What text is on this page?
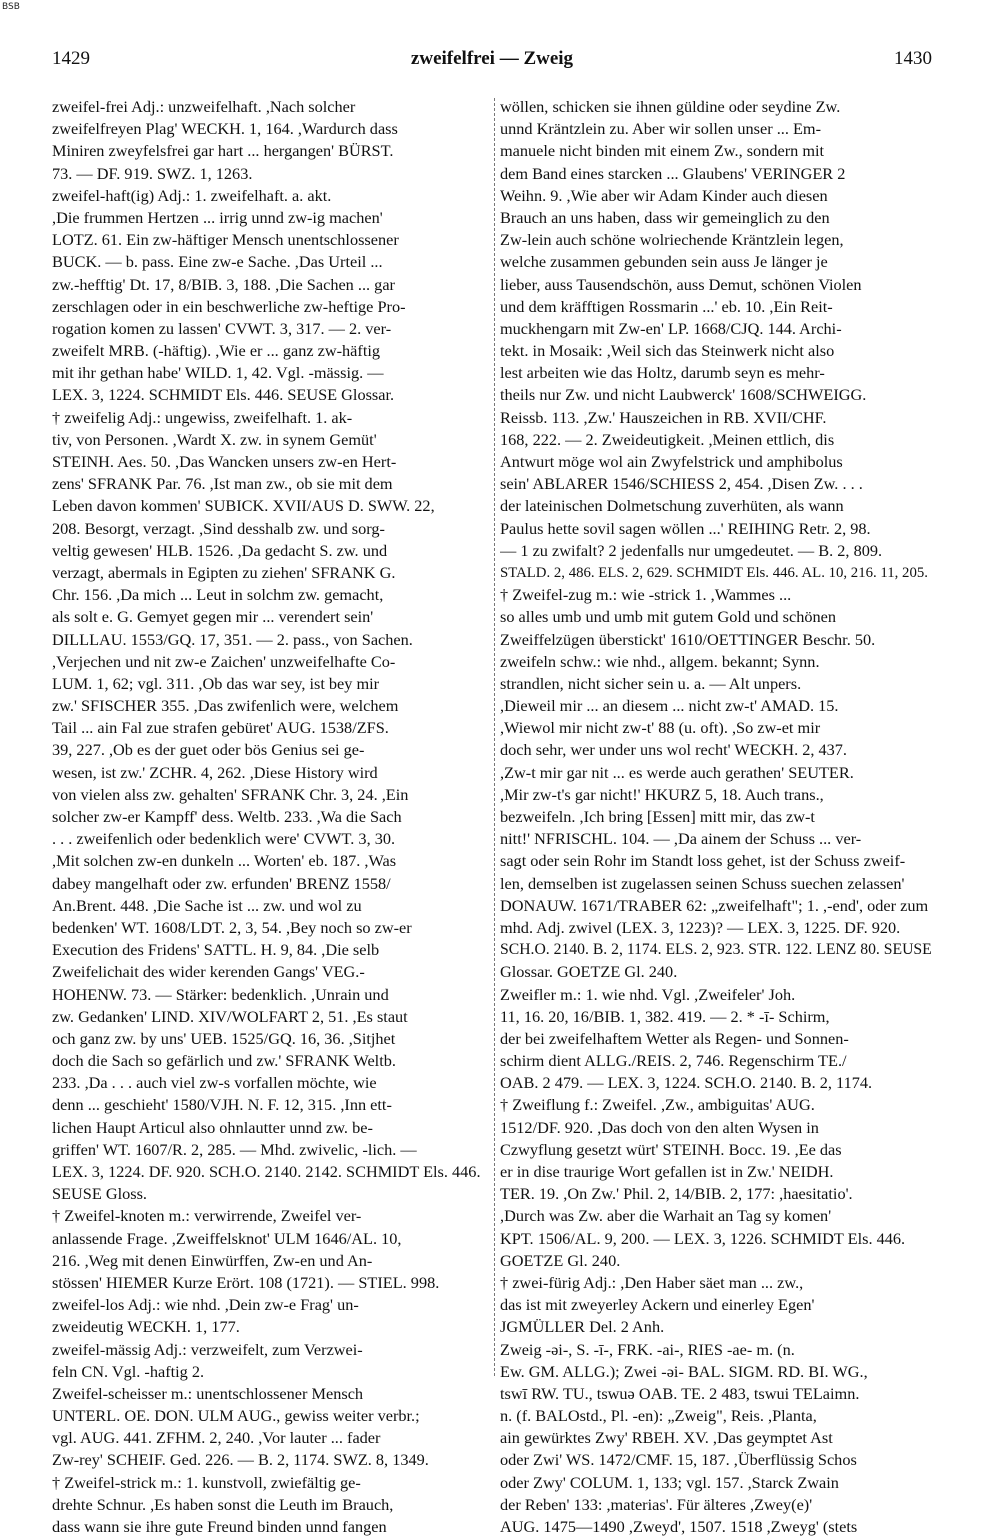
BSB
1429	zweifelfrei — Zweig	1430
zweifel-frei Adj.: unzweifelhaft. ,Nach solcher
zweifelfreyen Plag' WECKH. 1, 164. ,Wardurch dass
Miniren zweyfelsfrei gar hart ... hergangen' BÜRST.
73. — DF. 919. SWZ. 1, 1263.
zweifel-haft(ig) Adj.: 1. zweifelhaft. a. akt.
,Die frummen Hertzen ... irrig unnd zw-ig machen'
LOTZ. 61. Ein zw-häftiger Mensch unentschlossener
BUCK. — b. pass. Eine zw-e Sache. ,Das Urteil ...
zw.-hefftig' Dt. 17, 8/BIB. 3, 188. ,Die Sachen ... gar
zerschlagen oder in ein beschwerliche zw-heftige Pro-
rogation komen zu lassen' CVWT. 3, 317. — 2. ver-
zweifelt MRB. (-häftig). ,Wie er ... ganz zw-häftig
mit ihr gethan habe' WILD. 1, 42. Vgl. -mässig. —
LEX. 3, 1224. SCHMIDT Els. 446. SEUSE Glossar.
† zweifelig Adj.: ungewiss, zweifelhaft. 1. ak-
tiv, von Personen. ,Wardt X. zw. in synem Gemüt'
STEINH. Aes. 50. ,Das Wancken unsers zw-en Hert-
zens' SFRANK Par. 76. ,Ist man zw., ob sie mit dem
Leben davon kommen' SUBICK. XVII/AUS D. SWW. 22,
208. Besorgt, verzagt. ,Sind desshalb zw. und sorg-
veltig gewesen' HLB. 1526. ,Da gedacht S. zw. und
verzagt, abermals in Egipten zu ziehen' SFRANK G.
Chr. 156. ,Da mich ... Leut in solchm zw. gemacht,
als solt e. G. Gemyet gegen mir ... verendert sein'
DILLLAU. 1553/GQ. 17, 351. — 2. pass., von Sachen.
,Verjechen und nit zw-e Zaichen' unzweifelhafte Co-
LUM. 1, 62; vgl. 311. ,Ob das war sey, ist bey mir
zw.' SFISCHER 355. ,Das zwifenlich were, welchem
Tail ... ain Fal zue strafen gebüret' AUG. 1538/ZFS.
39, 227. ,Ob es der guet oder bös Genius sei ge-
wesen, ist zw.' ZCHR. 4, 262. ,Diese History wird
von vielen alss zw. gehalten' SFRANK Chr. 3, 24. ,Ein
solcher zw-er Kampff' dess. Weltb. 233. ,Wa die Sach
. . . zweifenlich oder bedenklich were' CVWT. 3, 30.
,Mit solchen zw-en dunkeln ... Worten' eb. 187. ,Was
dabey mangelhaft oder zw. erfunden' BRENZ 1558/
An.Brent. 448. ,Die Sache ist ... zw. und wol zu
bedenken' WT. 1608/LDT. 2, 3, 54. ,Bey noch so zw-er
Execution des Fridens' SATTL. H. 9, 84. ,Die selb
Zweifelichait des wider kerenden Gangs' VEG.-
HOHENW. 73. — Stärker: bedenklich. ,Unrain und
zw. Gedanken' LIND. XIV/WOLFART 2, 51. ,Es staut
och ganz zw. by uns' UEB. 1525/GQ. 16, 36. ,Sitjhet
doch die Sach so gefärlich und zw.' SFRANK Weltb.
233. ,Da . . . auch viel zw-s vorfallen möchte, wie
denn ... geschieht' 1580/VJH. N. F. 12, 315. ,Inn ett-
lichen Haupt Articul also ohnlautter unnd zw. be-
griffen' WT. 1607/R. 2, 285. — Mhd. zwivelic, -lich. —
LEX. 3, 1224. DF. 920. SCH.O. 2140. 2142. SCHMIDT Els. 446.
SEUSE Gloss.
† Zweifel-knoten m.: verwirrende, Zweifel ver-
anlassende Frage. ,Zweiffelsknot' ULM 1646/AL. 10,
216. ,Weg mit denen Einwürffen, Zw-en und An-
stössen' HIEMER Kurze Erört. 108 (1721). — STIEL. 998.
zweifel-los Adj.: wie nhd. ,Dein zw-e Frag' un-
zweideutig WECKH. 1, 177.
zweifel-mässig Adj.: verzweifelt, zum Verzwei-
feln CN. Vgl. -haftig 2.
Zweifel-scheisser m.: unentschlossener Mensch
UNTERL. OE. DON. ULM AUG., gewiss weiter verbr.;
vgl. AUG. 441. ZFHM. 2, 240. ,Vor lauter ... fader
Zw-rey' SCHEIF. Ged. 226. — B. 2, 1174. SWZ. 8, 1349.
† Zweifel-strick m.: 1. kunstvoll, zwiefältig ge-
drehte Schnur. ,Es haben sonst die Leuth im Brauch,
dass wann sie ihre gute Freund binden unnd fangen
wöllen, schicken sie ihnen güldine oder seydine Zw.
unnd Kräntzlein zu. Aber wir sollen unser ... Em-
manuele nicht binden mit einem Zw., sondern mit
dem Band eines starcken ... Glaubens' VERINGER 2
Weihn. 9. ,Wie aber wir Adam Kinder auch diesen
Brauch an uns haben, dass wir gemeinglich zu den
Zw-lein auch schöne wolriechende Kräntzlein legen,
welche zusammen gebunden sein auss Je länger je
lieber, auss Tausendschön, auss Demut, schönen Violen
und dem kräfftigen Rossmarin ...' eb. 10. ,Ein Reit-
muckhengarn mit Zw-en' LP. 1668/CJQ. 144. Archi-
tekt. in Mosaik: ,Weil sich das Steinwerk nicht also
lest arbeiten wie das Holtz, darumb seyn es mehr-
theils nur Zw. und nicht Laubwerck' 1608/SCHWEIGG.
Reissb. 113. ,Zw.' Hauszeichen in RB. XVII/CHF.
168, 222. — 2. Zweideutigkeit. ,Meinen ettlich, dis
Antwurt möge wol ain Zwyfelstrick und amphibolus
sein' ABLARER 1546/SCHIESS 2, 454. ,Disen Zw. . . .
der lateinischen Dolmetschung zuverhüten, als wann
Paulus hette sovil sagen wöllen ...' REIHING Retr. 2, 98.
— 1 zu zwifalt? 2 jedenfalls nur umgedeutet. — B. 2, 809.
STALD. 2, 486. ELS. 2, 629. SCHMIDT Els. 446. AL. 10, 216. 11, 205.
† Zweifel-zug m.: wie -strick 1. ,Wammes ...
so alles umb und umb mit gutem Gold und schönen
Zweiffelzügen überstickt' 1610/OETTINGER Beschr. 50.
zweifeln schw.: wie nhd., allgem. bekannt; Synn.
strandlen, nicht sicher sein u. a. — Alt unpers.
,Dieweil mir ... an diesem ... nicht zw-t' AMAD. 15.
,Wiewol mir nicht zw-t' 88 (u. oft). ,So zw-et mir
doch sehr, wer under uns wol recht' WECKH. 2, 437.
,Zw-t mir gar nit ... es werde auch gerathen' SEUTER.
,Mir zw-t's gar nicht!' HKURZ 5, 18. Auch trans.,
bezweifeln. ,Ich bring [Essen] mitt mir, das zw-t
nitt!' NFRISCHL. 104. — ,Da ainem der Schuss ... ver-
sagt oder sein Rohr im Standt loss gehet, ist der Schuss zweif-
len, demselben ist zugelassen seinen Schuss suechen zelassen'
DONAUW. 1671/TRABER 62: „zweifelhaft"; 1. ,-end', oder zum
mhd. Adj. zwivel (LEX. 3, 1223)? — LEX. 3, 1225. DF. 920.
SCH.O. 2140. B. 2, 1174. ELS. 2, 923. STR. 122. LENZ 80. SEUSE
Glossar. GOETZE Gl. 240.
Zweifler m.: 1. wie nhd. Vgl. ,Zweifeler' Joh.
11, 16. 20, 16/BIB. 1, 382. 419. — 2. * -ī- Schirm,
der bei zweifelhaftem Wetter als Regen- und Sonnen-
schirm dient ALLG./REIS. 2, 746. Regenschirm TE./
OAB. 2 479. — LEX. 3, 1224. SCH.O. 2140. B. 2, 1174.
† Zweiflung f.: Zweifel. ,Zw., ambiguitas' AUG.
1512/DF. 920. ,Das doch von den alten Wysen in
Czwyflung gesetzt würt' STEINH. Bocc. 19. ,Ee das
er in dise traurige Wort gefallen ist in Zw.' NEIDH.
TER. 19. ,On Zw.' Phil. 2, 14/BIB. 2, 177: ,haesitatio'.
,Durch was Zw. aber die Warhait an Tag sy komen'
KPT. 1506/AL. 9, 200. — LEX. 3, 1226. SCHMIDT Els. 446.
GOETZE Gl. 240.
† zwei-fürig Adj.: ,Den Haber säet man ... zw.,
das ist mit zweyerley Ackern und einerley Egen'
JGMÜLLER Del. 2 Anh.
Zweig -əi-, S. -ī-, FRK. -ai-, RIES -ae- m. (n.
Ew. GM. ALLG.); Zwei -əi- BAL. SIGM. RD. BI. WG.,
tswī RW. TU., tswuə OAB. TE. 2 483, tswui TELaimn.
n. (f. BALOstd., Pl. -en): „Zweig", Reis. ,Planta,
ain gewürktes Zwy' RBEH. XV. ,Das geymptet Ast
oder Zwi' WS. 1472/CMF. 15, 187. ,Überflüssig Schos
oder Zwy' COLUM. 1, 133; vgl. 157. ,Starck Zwain
der Reben' 133: ,materias'. Für älteres ,Zwey(e)'
AUG. 1475—1490 ,Zweyd', 1507. 1518 ,Zweyg' (stets
